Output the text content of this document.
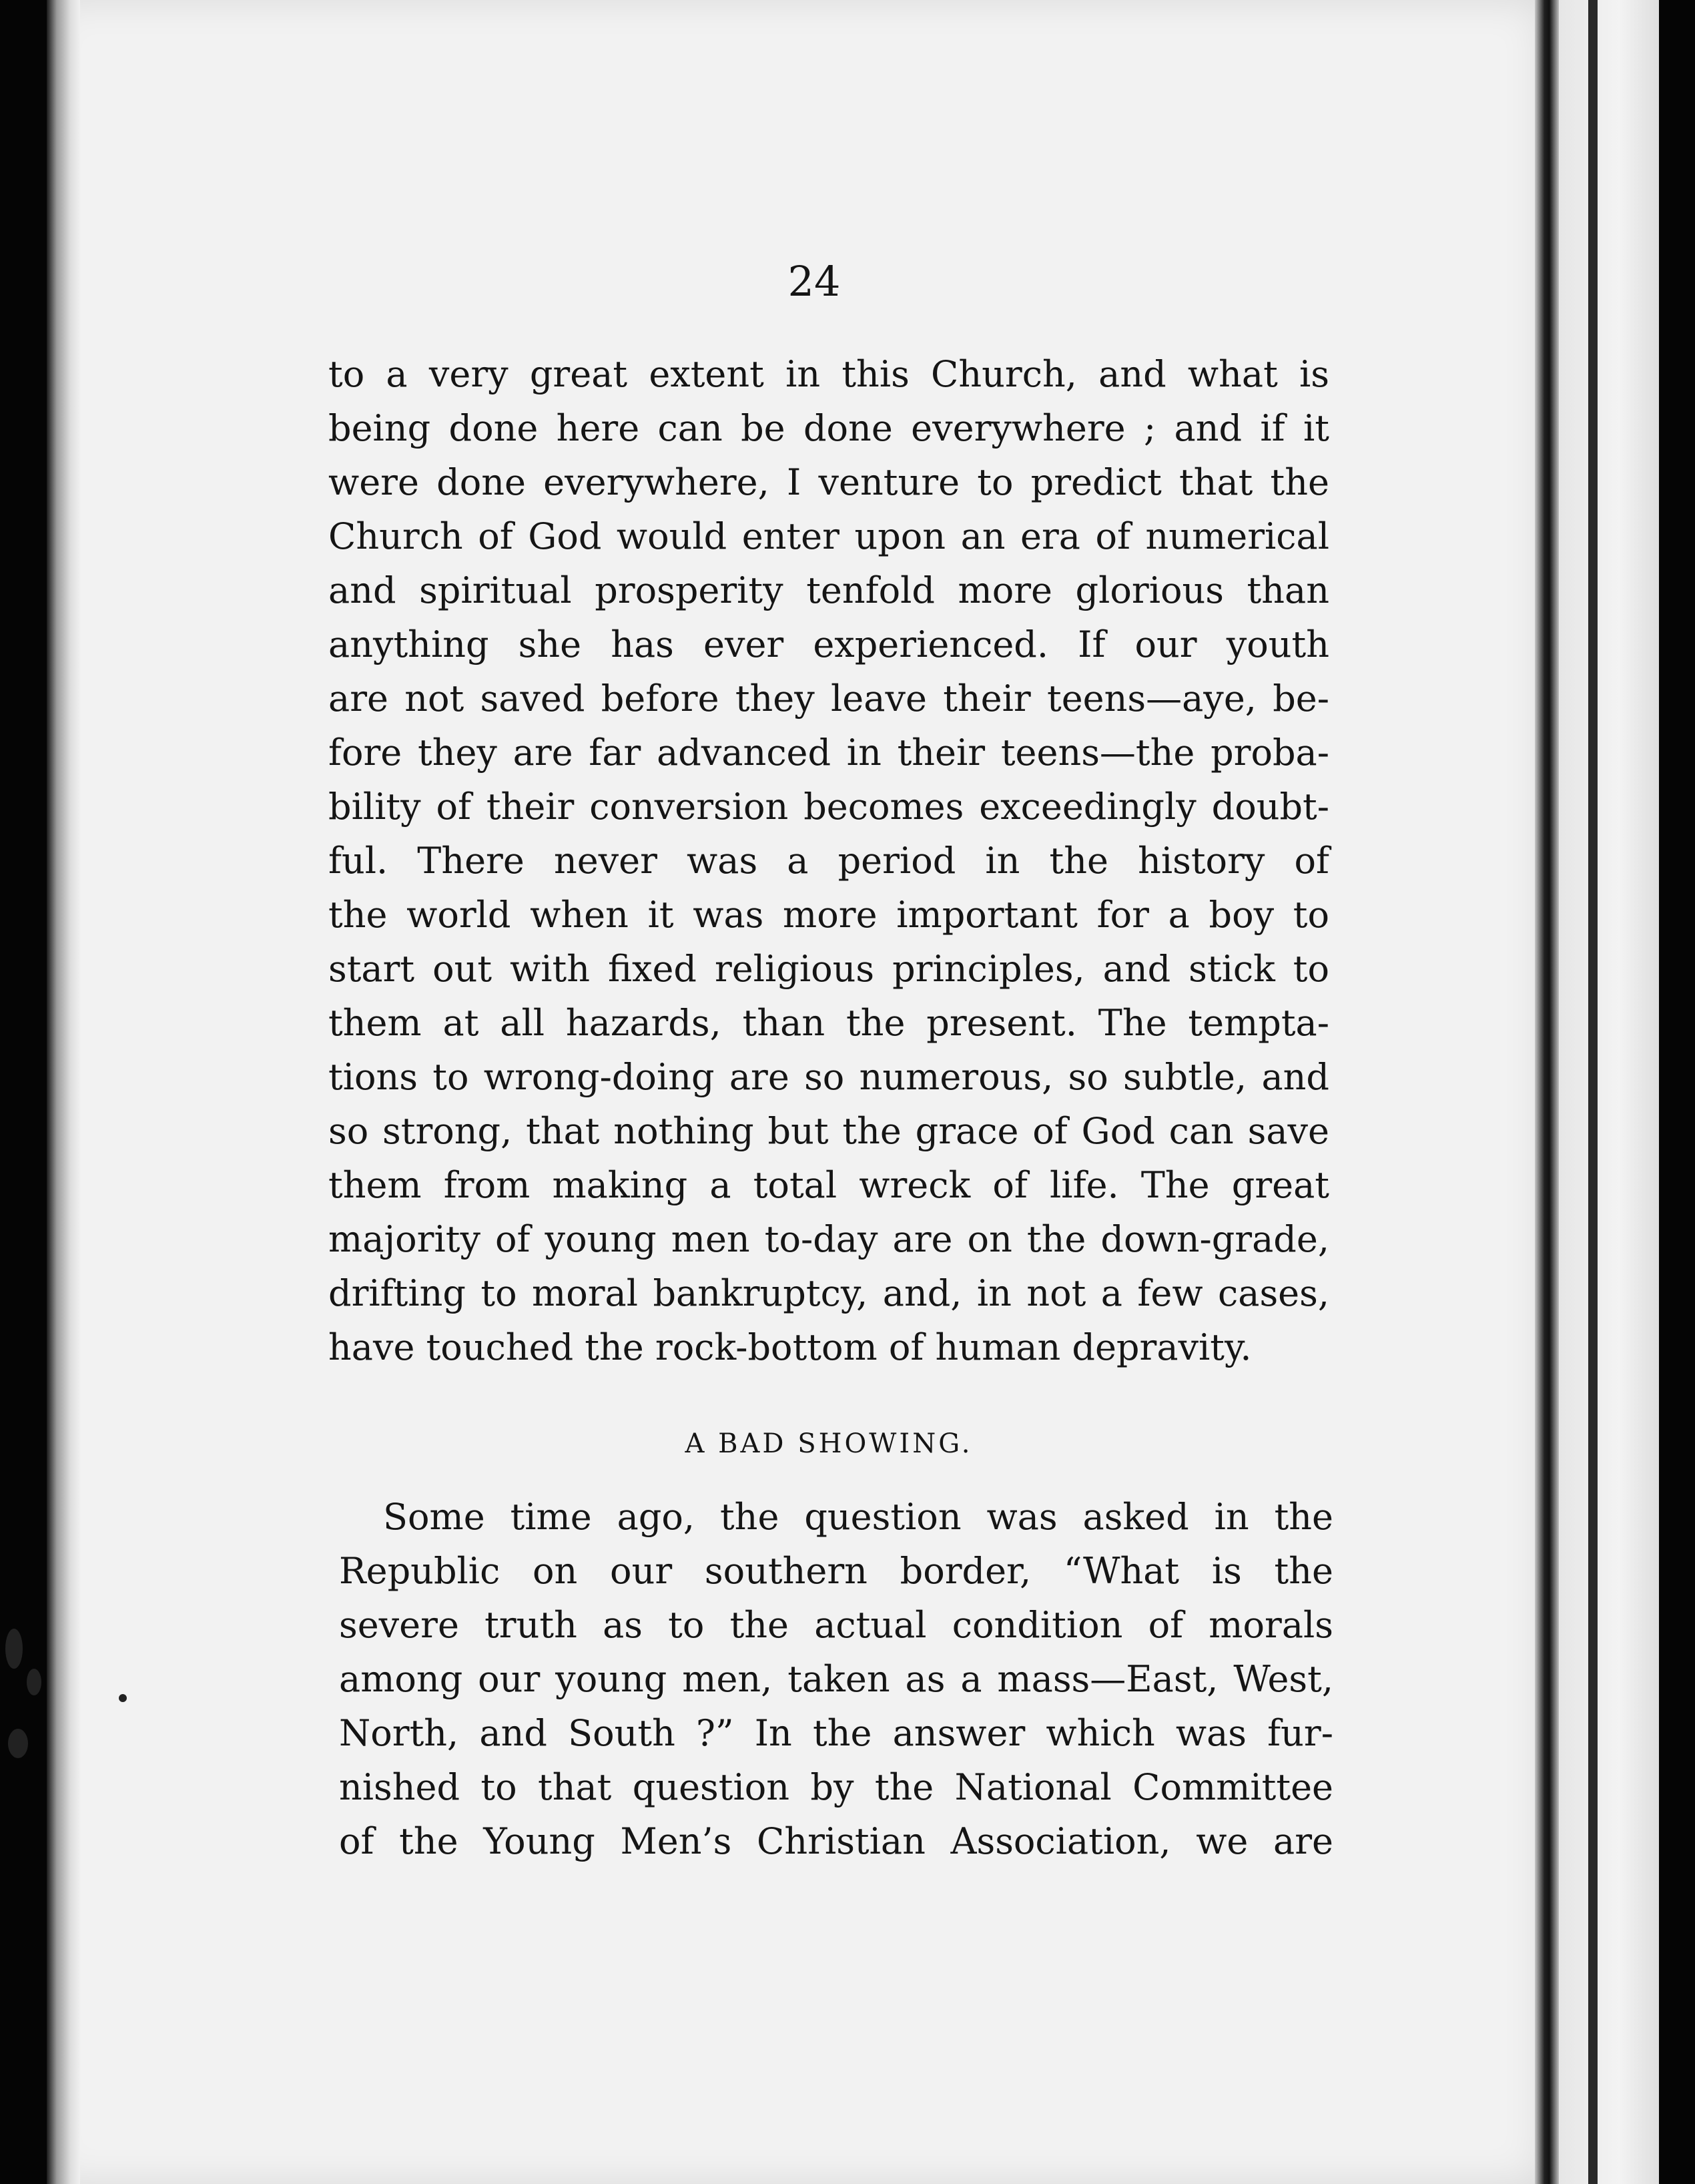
24

to a very great extent in this Church, and what is
being done here can be done everywhere ; and if it
were done everywhere, I venture to predict that the
Church of God would enter upon an era of numerical
and spiritual prosperity tenfold more glorious than
anything she has ever experienced. If our youth
are not saved before they leave their teens—aye, be-
fore they are far advanced in their teens—the proba-
bility of their conversion becomes exceedingly doubt-
ful. There never was a period in the history of
the world when it was more important for a boy to
start out with fixed religious principles, and stick to
them at all hazards, than the present. The tempta-
tions to wrong-doing are so numerous, so subtle, and
so strong, that nothing but the grace of God can save
them from making a total wreck of life. The great
majority of young men to-day are on the down-grade,
drifting to moral bankruptcy, and, in not a few cases,
have touched the rock-bottom of human depravity.

A BAD SHOWING.

Some time ago, the question was asked in the
Republic on our southern border, “What is the
severe truth as to the actual condition of morals
among our young men, taken as a mass—East, West,
North, and South ?” In the answer which was fur-
nished to that question by the National Committee
of the Young Men’s Christian Association, we are
